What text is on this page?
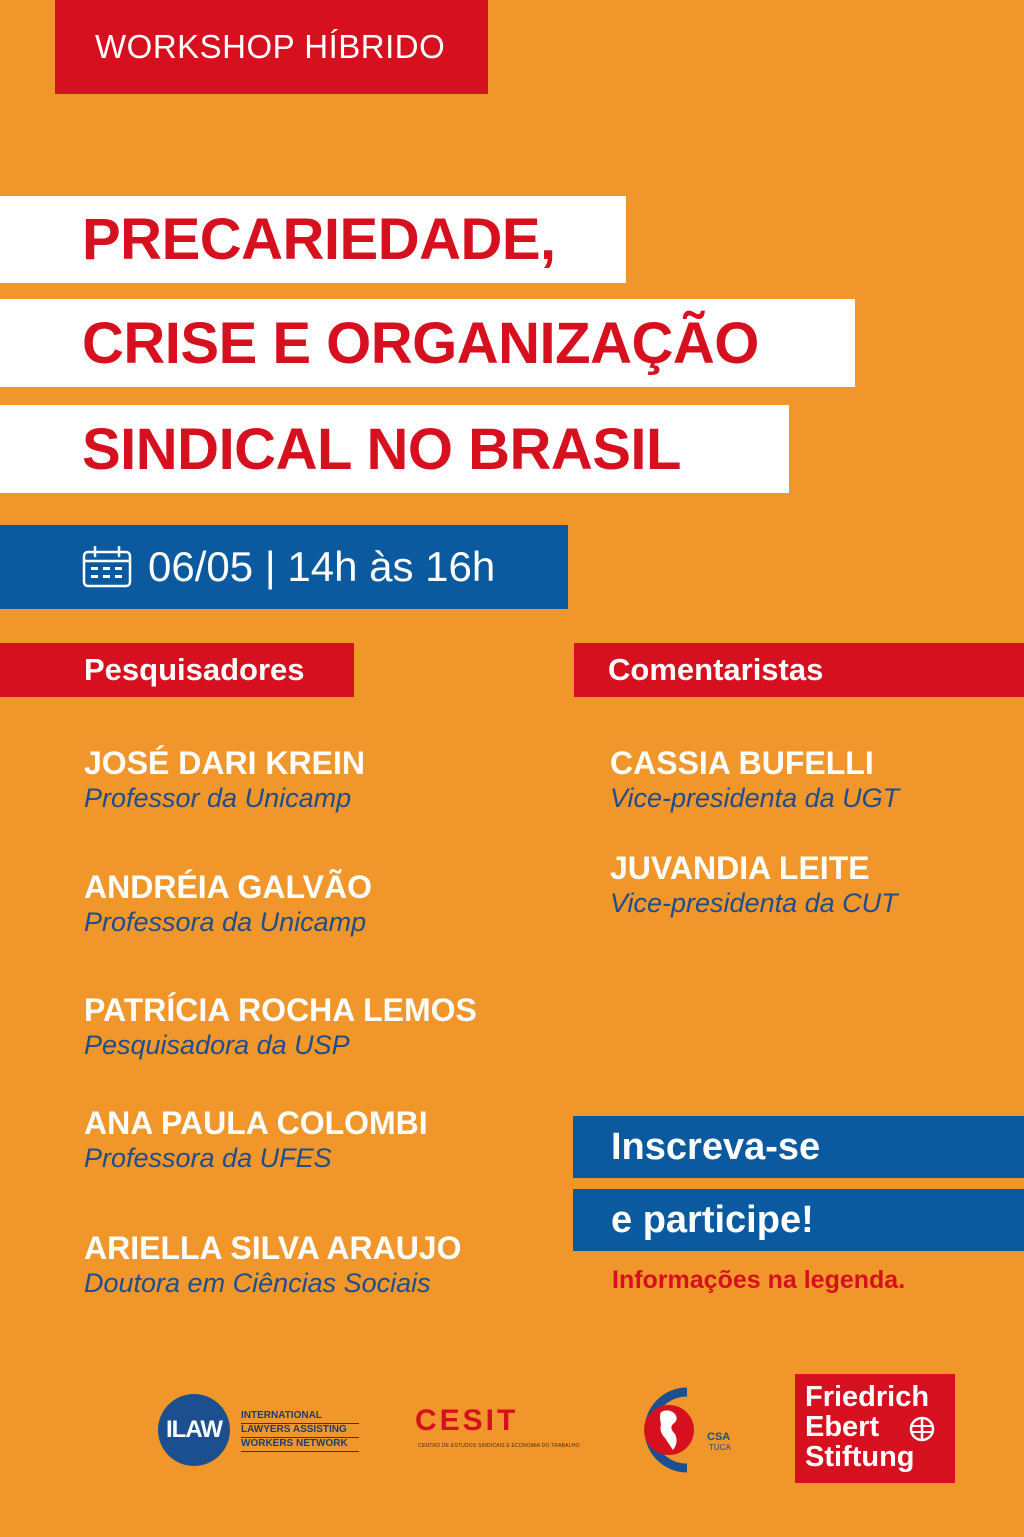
WORKSHOP HÍBRIDO
PRECARIEDADE,
CRISE E ORGANIZAÇÃO
SINDICAL NO BRASIL
06/05 | 14h às 16h
Pesquisadores	Comentaristas
JOSÉ DARI KREIN
Professor da Unicamp
ANDRÉIA GALVÃO
Professora da Unicamp
PATRÍCIA ROCHA LEMOS
Pesquisadora da USP
ANA PAULA COLOMBI
Professora da UFES
ARIELLA SILVA ARAUJO
Doutora em Ciências Sociais
CASSIA BUFELLI
Vice-presidenta da UGT
JUVANDIA LEITE
Vice-presidenta da CUT
Inscreva-se
e participe!
Informações na legenda.
ILAW
INTERNATIONAL
LAWYERS ASSISTING
WORKERS NETWORK
CESIT
CENTRO DE ESTUDOS SINDICAIS E ECONOMIA DO TRABALHO
CSA
TUCA
Friedrich
Ebert
Stiftung
